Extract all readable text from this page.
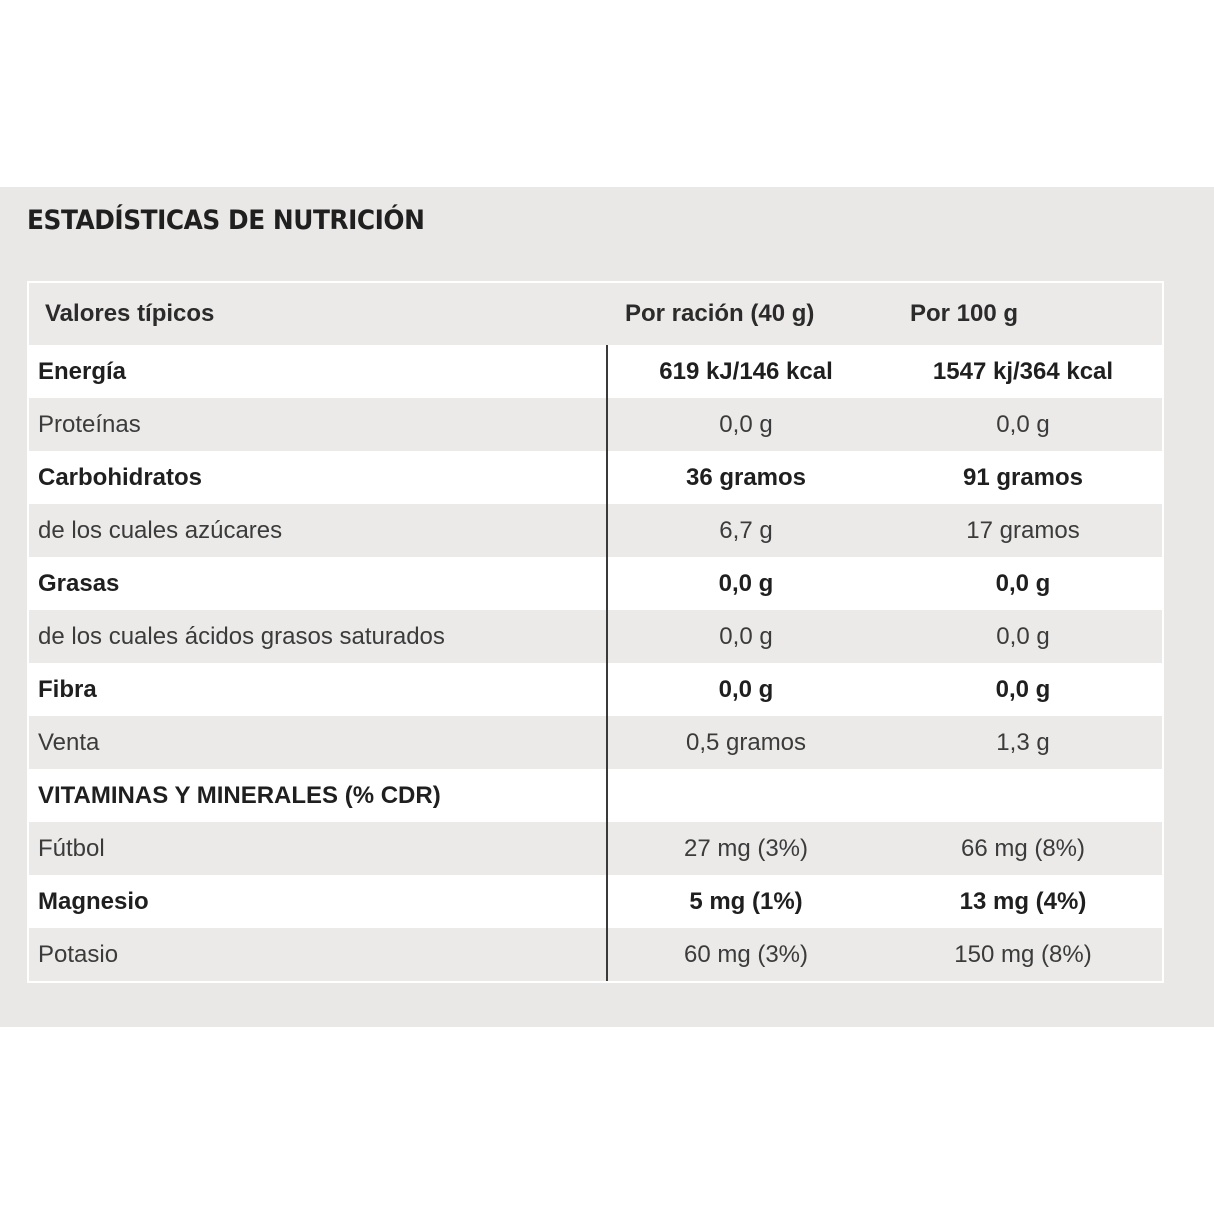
ESTADÍSTICAS DE NUTRICIÓN
Valores típicos	Por ración (40 g)	Por 100 g
Energía	619 kJ/146 kcal	1547 kj/364 kcal
Proteínas	0,0 g	0,0 g
Carbohidratos	36 gramos	91 gramos
de los cuales azúcares	6,7 g	17 gramos
Grasas	0,0 g	0,0 g
de los cuales ácidos grasos saturados	0,0 g	0,0 g
Fibra	0,0 g	0,0 g
Venta	0,5 gramos	1,3 g
VITAMINAS Y MINERALES (% CDR)		
Fútbol	27 mg (3%)	66 mg (8%)
Magnesio	5 mg (1%)	13 mg (4%)
Potasio	60 mg (3%)	150 mg (8%)
